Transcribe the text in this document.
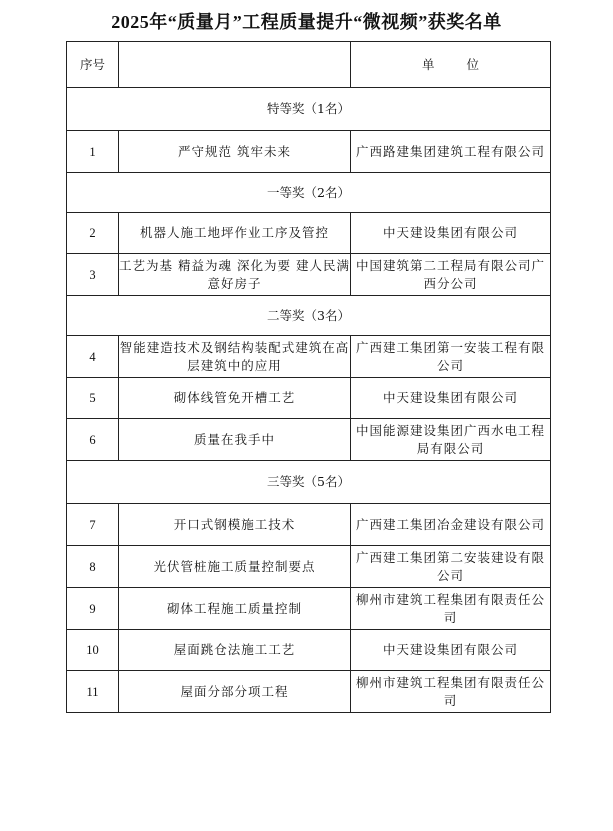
2025年“质量月”工程质量提升“微视频”获奖名单
序号		单 位
特等奖（1名）		
1	严守规范 筑牢未来	广西路建集团建筑工程有限公司
一等奖（2名）		
2	机器人施工地坪作业工序及管控	中天建设集团有限公司
3	工艺为基 精益为魂 深化为要 建人民满意好房子	中国建筑第二工程局有限公司广西分公司
二等奖（3名）		
4	智能建造技术及钢结构装配式建筑在高层建筑中的应用	广西建工集团第一安装工程有限公司
5	砌体线管免开槽工艺	中天建设集团有限公司
6	质量在我手中	中国能源建设集团广西水电工程局有限公司
三等奖（5名）		
7	开口式钢模施工技术	广西建工集团冶金建设有限公司
8	光伏管桩施工质量控制要点	广西建工集团第二安装建设有限公司
9	砌体工程施工质量控制	柳州市建筑工程集团有限责任公司
10	屋面跳仓法施工工艺	中天建设集团有限公司
11	屋面分部分项工程	柳州市建筑工程集团有限责任公司
